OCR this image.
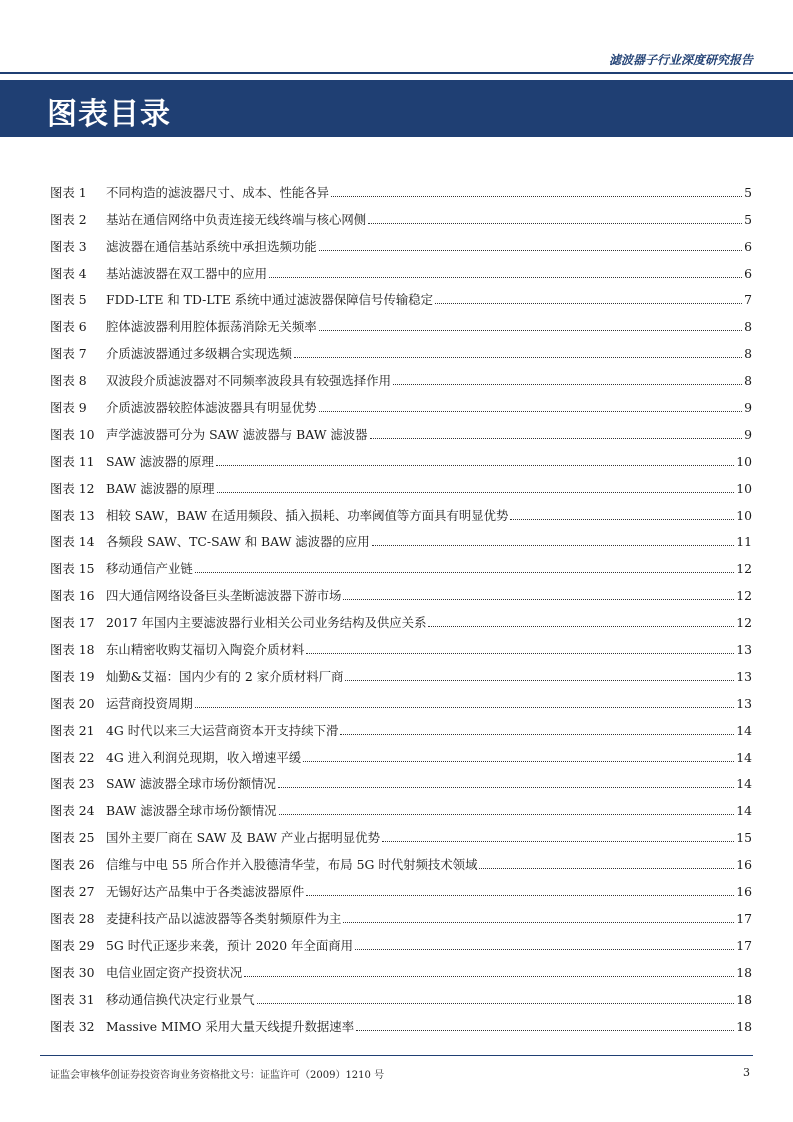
滤波器子行业深度研究报告
图表目录
图表 1	不同构造的滤波器尺寸、成本、性能各异	5
图表 2	基站在通信网络中负责连接无线终端与核心网侧	5
图表 3	滤波器在通信基站系统中承担选频功能	6
图表 4	基站滤波器在双工器中的应用	6
图表 5	FDD-LTE 和 TD-LTE 系统中通过滤波器保障信号传输稳定	7
图表 6	腔体滤波器利用腔体振荡消除无关频率	8
图表 7	介质滤波器通过多级耦合实现选频	8
图表 8	双波段介质滤波器对不同频率波段具有较强选择作用	8
图表 9	介质滤波器较腔体滤波器具有明显优势	9
图表 10 声学滤波器可分为 SAW 滤波器与 BAW 滤波器	9
图表 11 SAW 滤波器的原理	10
图表 12 BAW 滤波器的原理	10
图表 13 相较 SAW，BAW 在适用频段、插入损耗、功率阈值等方面具有明显优势	10
图表 14 各频段 SAW、TC-SAW 和 BAW 滤波器的应用	11
图表 15 移动通信产业链	12
图表 16 四大通信网络设备巨头垄断滤波器下游市场	12
图表 17 2017 年国内主要滤波器行业相关公司业务结构及供应关系	12
图表 18 东山精密收购艾福切入陶瓷介质材料	13
图表 19 灿勤&艾福：国内少有的 2 家介质材料厂商	13
图表 20 运营商投资周期	13
图表 21 4G 时代以来三大运营商资本开支持续下滑	14
图表 22 4G 进入利润兑现期，收入增速平缓	14
图表 23 SAW 滤波器全球市场份额情况	14
图表 24 BAW 滤波器全球市场份额情况	14
图表 25 国外主要厂商在 SAW 及 BAW 产业占据明显优势	15
图表 26 信维与中电 55 所合作并入股德清华莹，布局 5G 时代射频技术领域	16
图表 27 无锡好达产品集中于各类滤波器原件	16
图表 28 麦捷科技产品以滤波器等各类射频原件为主	17
图表 29 5G 时代正逐步来袭，预计 2020 年全面商用	17
图表 30 电信业固定资产投资状况	18
图表 31 移动通信换代决定行业景气	18
图表 32 Massive MIMO 采用大量天线提升数据速率	18
证监会审核华创证券投资咨询业务资格批文号：证监许可（2009）1210 号	3
